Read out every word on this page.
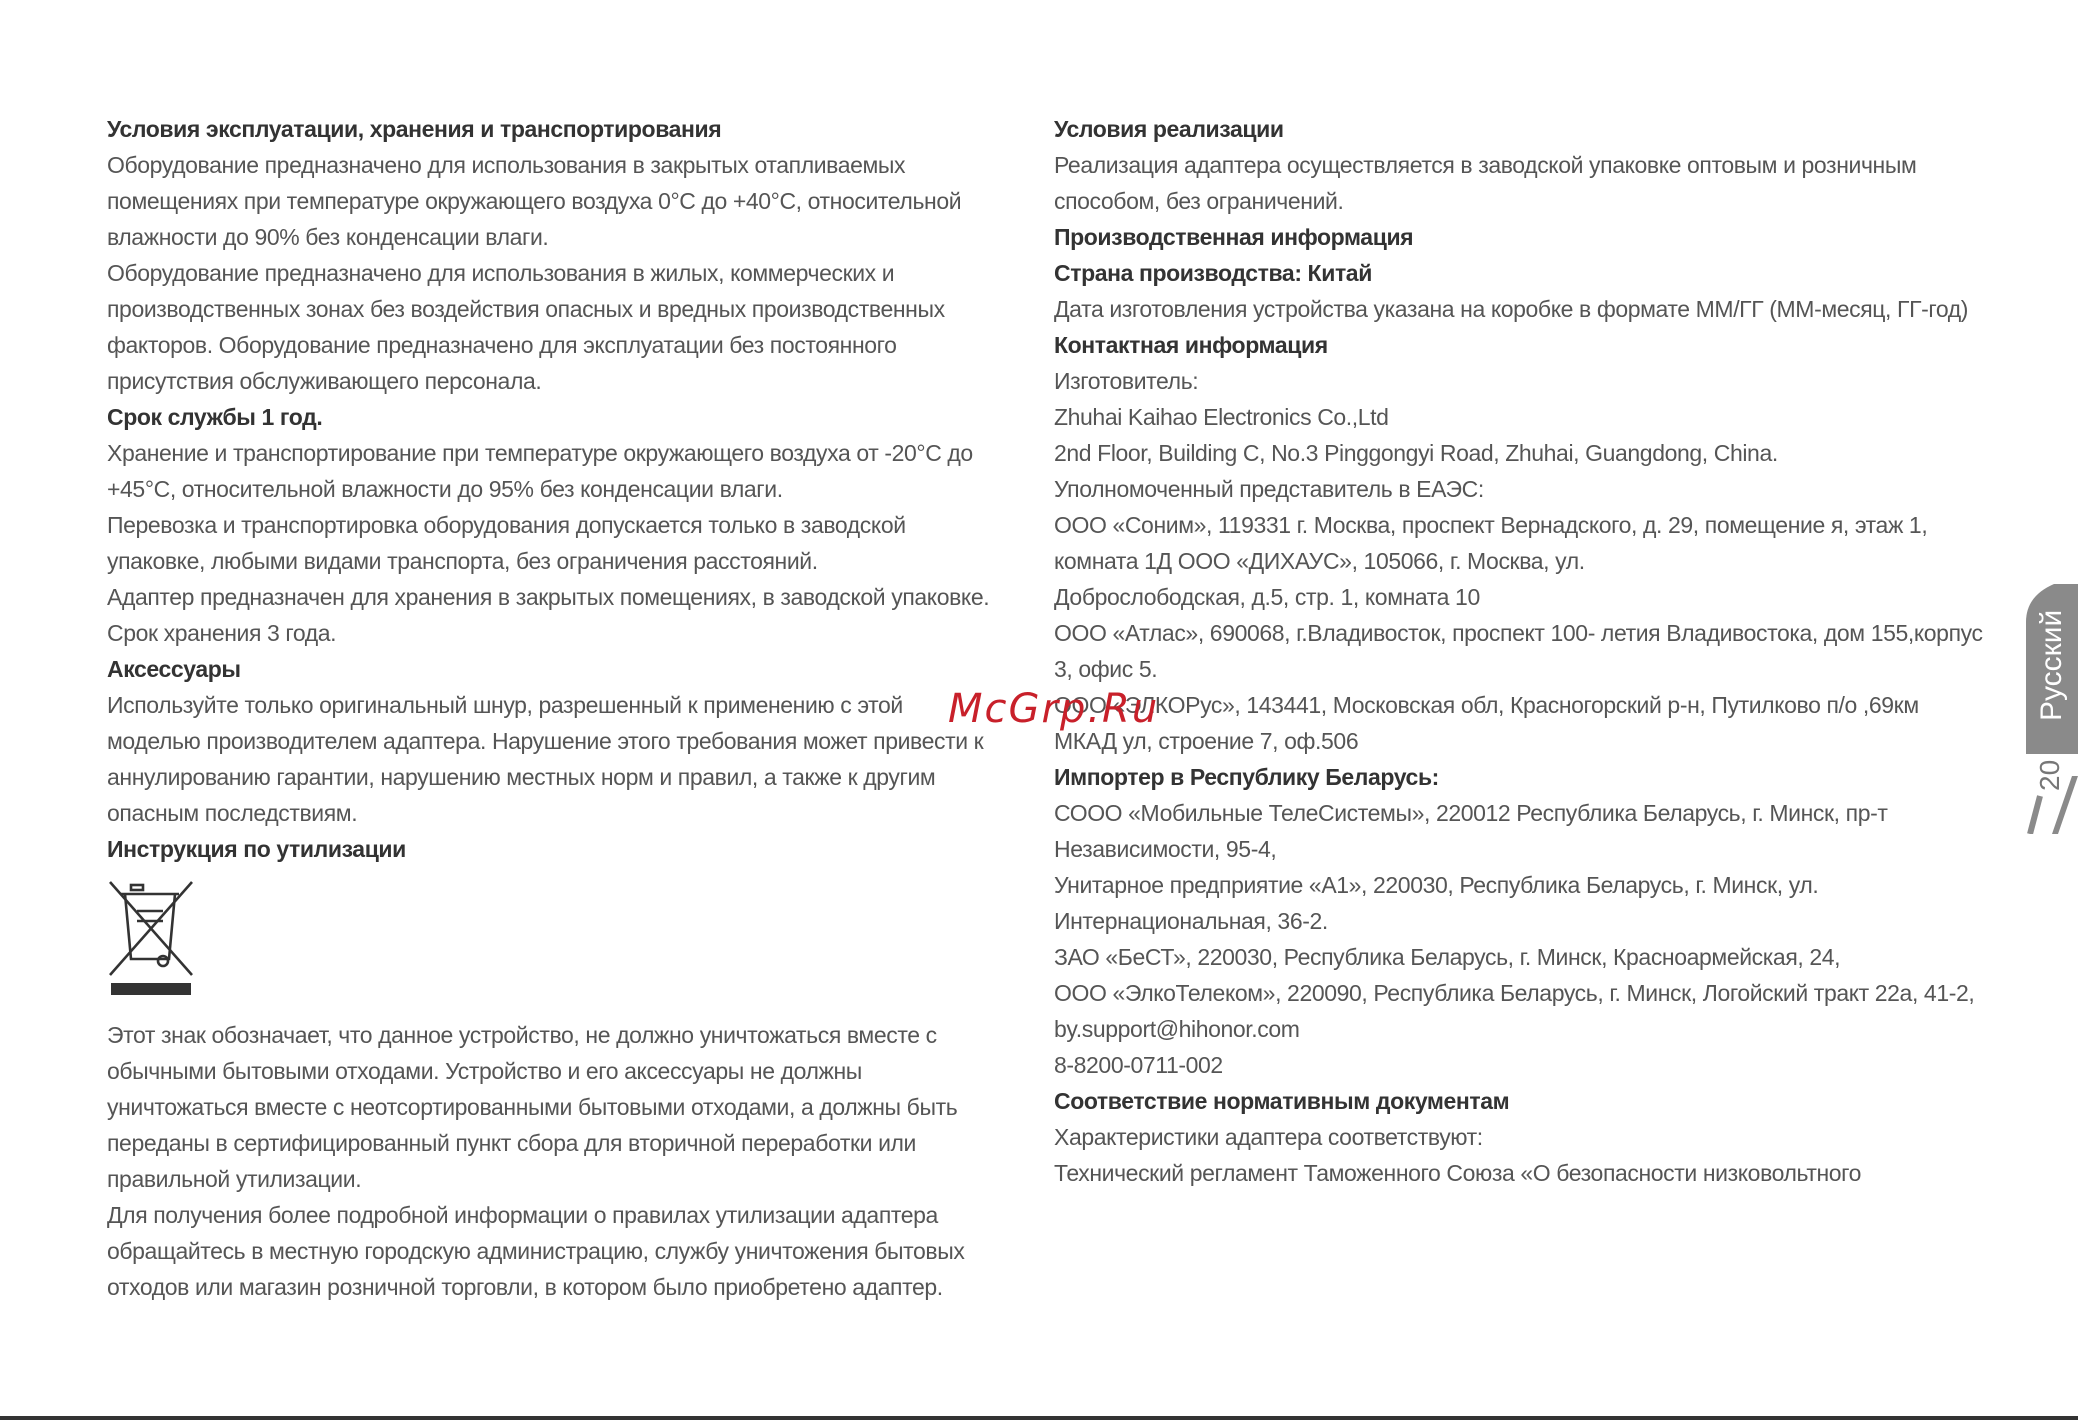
Условия эксплуатации, хранения и транспортирования
Оборудование предназначено для использования в закрытых отапливаемых
помещениях при температуре окружающего воздуха 0°C до +40°C, относительной
влажности до 90% без конденсации влаги.
Оборудование предназначено для использования в жилых, коммерческих и
производственных зонах без воздействия опасных и вредных производственных
факторов. Оборудование предназначено для эксплуатации без постоянного
присутствия обслуживающего персонала.
Срок службы 1 год.
Хранение и транспортирование при температуре окружающего воздуха от -20°C до
+45°C, относительной влажности до 95% без конденсации влаги.
Перевозка и транспортировка оборудования допускается только в заводской
упаковке, любыми видами транспорта, без ограничения расстояний.
Адаптер предназначен для хранения в закрытых помещениях, в заводской упаковке.
Срок хранения 3 года.
Аксессуары
Используйте только оригинальный шнур, разрешенный к применению с этой
моделью производителем адаптера. Нарушение этого требования может привести к
аннулированию гарантии, нарушению местных норм и правил, а также к другим
опасным последствиям.
Инструкция по утилизации
Этот знак обозначает, что данное устройство, не должно уничтожаться вместе с
обычными бытовыми отходами. Устройство и его аксессуары не должны
уничтожаться вместе с неотсортированными бытовыми отходами, а должны быть
переданы в сертифицированный пункт сбора для вторичной переработки или
правильной утилизации.
Для получения более подробной информации о правилах утилизации адаптера
обращайтесь в местную городскую администрацию, службу уничтожения бытовых
отходов или магазин розничной торговли, в котором было приобретено адаптер.
Условия реализации
Реализация адаптера осуществляется в заводской упаковке оптовым и розничным
способом, без ограничений.
Производственная информация
Страна производства: Китай
Дата изготовления устройства указана на коробке в формате ММ/ГГ (ММ-месяц, ГГ-год)
Контактная информация
Изготовитель:
Zhuhai Kaihao Electronics Co.,Ltd
2nd Floor, Building C, No.3 Pinggongyi Road, Zhuhai, Guangdong, China.
Уполномоченный представитель в ЕАЭС:
ООО «Соним», 119331 г. Москва, проспект Вернадского, д. 29, помещение я, этаж 1,
комната 1Д ООО «ДИХАУС», 105066, г. Москва, ул.
Доброслободская, д.5, стр. 1, комната 10
ООО «Атлас», 690068, г.Владивосток, проспект 100- летия Владивостока, дом 155,корпус
3, офис 5.
ООО «ЭЛКОРус», 143441, Московская обл, Красногорский р-н, Путилково п/о ,69км
МКАД ул, строение 7, оф.506
Импортер в Республику Беларусь:
СООО «Мобильные ТелеСистемы», 220012 Республика Беларусь, г. Минск, пр-т
Независимости, 95-4,
Унитарное предприятие «А1», 220030, Республика Беларусь, г. Минск, ул.
Интернациональная, 36-2.
ЗАО «БеСТ», 220030, Республика Беларусь, г. Минск, Красноармейская, 24,
ООО «ЭлкоТелеком», 220090, Республика Беларусь, г. Минск, Логойский тракт 22а, 41-2,
by.support@hihonor.com
8-8200-0711-002
Соответствие нормативным документам
Характеристики адаптера соответствуют:
Технический регламент Таможенного Союза «О безопасности низковольтного
McGrp.Ru	Русский
20
